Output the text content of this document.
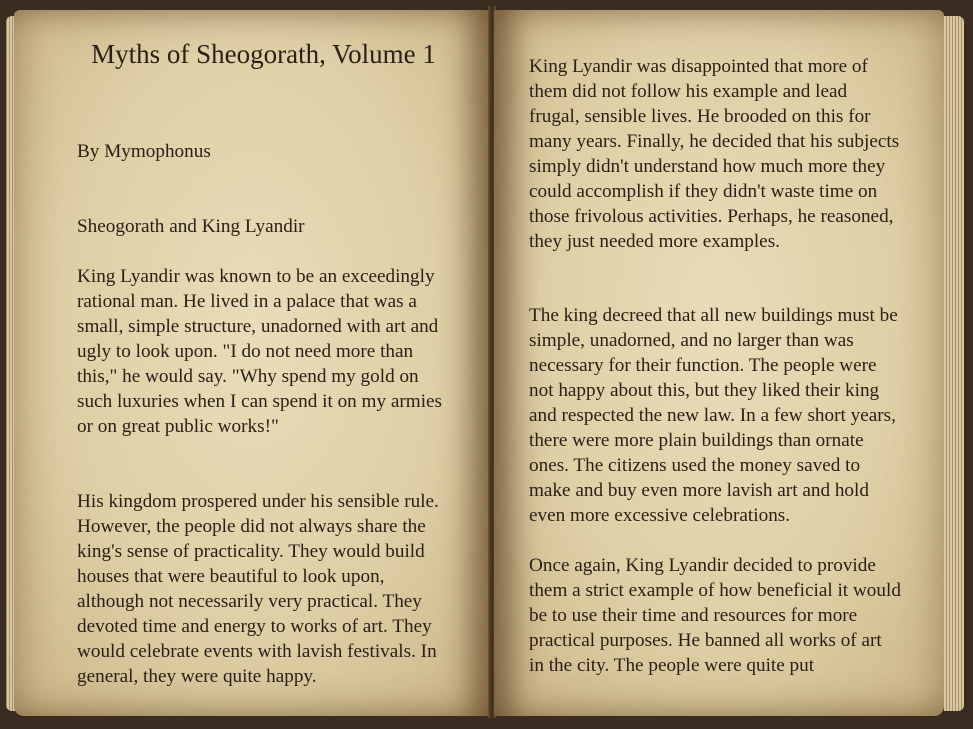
Myths of Sheogorath, Volume 1
By Mymophonus
Sheogorath and King Lyandir

King Lyandir was known to be an exceedingly rational man. He lived in a palace that was a small, simple structure, unadorned with art and ugly to look upon. "I do not need more than this," he would say. "Why spend my gold on such luxuries when I can spend it on my armies or on great public works!"

His kingdom prospered under his sensible rule. However, the people did not always share the king's sense of practicality. They would build houses that were beautiful to look upon, although not necessarily very practical. They devoted time and energy to works of art. They would celebrate events with lavish festivals. In general, they were quite happy.

King Lyandir was disappointed that more of them did not follow his example and lead frugal, sensible lives. He brooded on this for many years. Finally, he decided that his subjects simply didn't understand how much more they could accomplish if they didn't waste time on those frivolous activities. Perhaps, he reasoned, they just needed more examples.

The king decreed that all new buildings must be simple, unadorned, and no larger than was necessary for their function. The people were not happy about this, but they liked their king and respected the new law. In a few short years, there were more plain buildings than ornate ones. The citizens used the money saved to make and buy even more lavish art and hold even more excessive celebrations.

Once again, King Lyandir decided to provide them a strict example of how beneficial it would be to use their time and resources for more practical purposes. He banned all works of art in the city. The people were quite put
